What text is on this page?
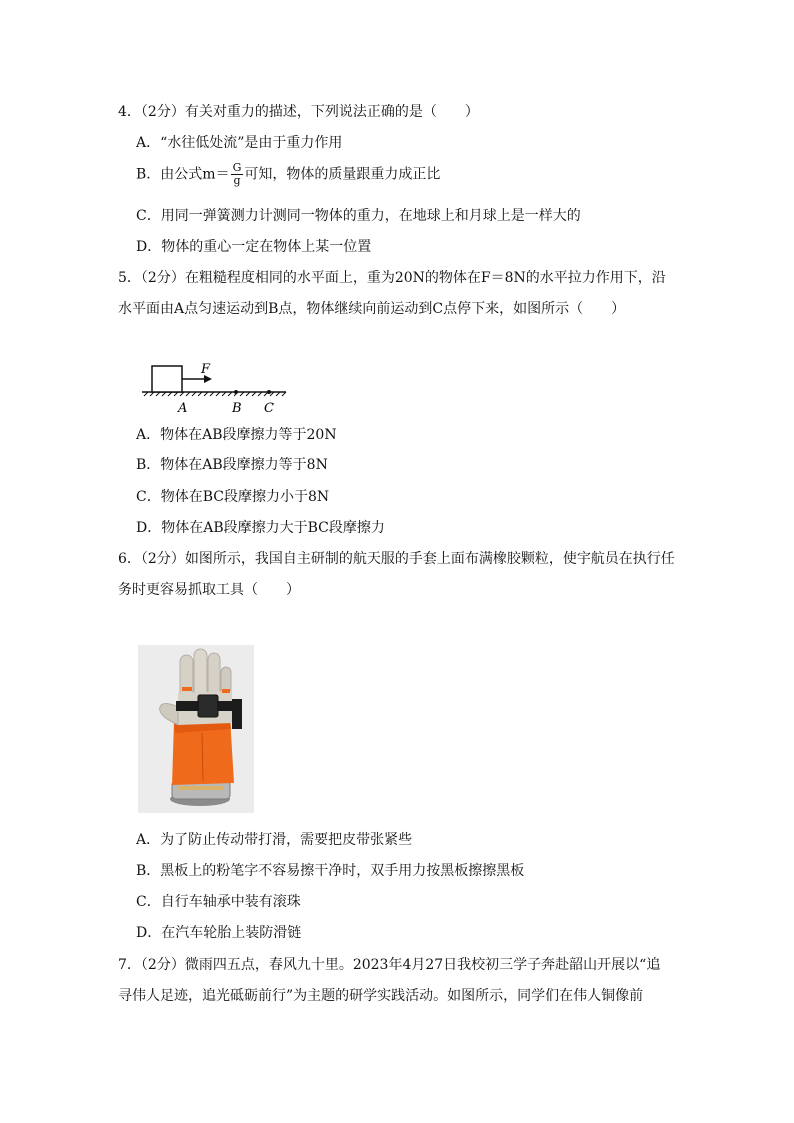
4．（2分）有关对重力的描述，下列说法正确的是（　　）
A．“水往低处流”是由于重力作用
B．由公式$m= \frac{G}{g}$ 可知，物体的质量跟重力成正比
C．用同一弹簧测力计测同一物体的重力，在地球上和月球上是一样大的
D．物体的重心一定在物体上某一位置
5．（2分）在粗糙程度相同的水平面上，重为20N的物体在F＝8N的水平拉力作用下，沿
水平面由A点匀速运动到B点，物体继续向前运动到C点停下来，如图所示（　　）
F
A	B C
A．物体在AB段摩擦力等于20N
B．物体在AB段摩擦力等于8N
C．物体在BC段摩擦力小于8N
D．物体在AB段摩擦力大于BC段摩擦力
6．（2分）如图所示，我国自主研制的航天服的手套上面布满橡胶颗粒，使宇航员在执行任
务时更容易抓取工具（　　）
A．为了防止传动带打滑，需要把皮带张紧些
B．黑板上的粉笔字不容易擦干净时，双手用力按黑板擦擦黑板
C．自行车轴承中装有滚珠
D．在汽车轮胎上装防滑链
7．（2分）微雨四五点，春风九十里。2023年4月27日我校初三学子奔赴韶山开展以“追
寻伟人足迹，追光砥砺前行”为主题的研学实践活动。如图所示，同学们在伟人铜像前
